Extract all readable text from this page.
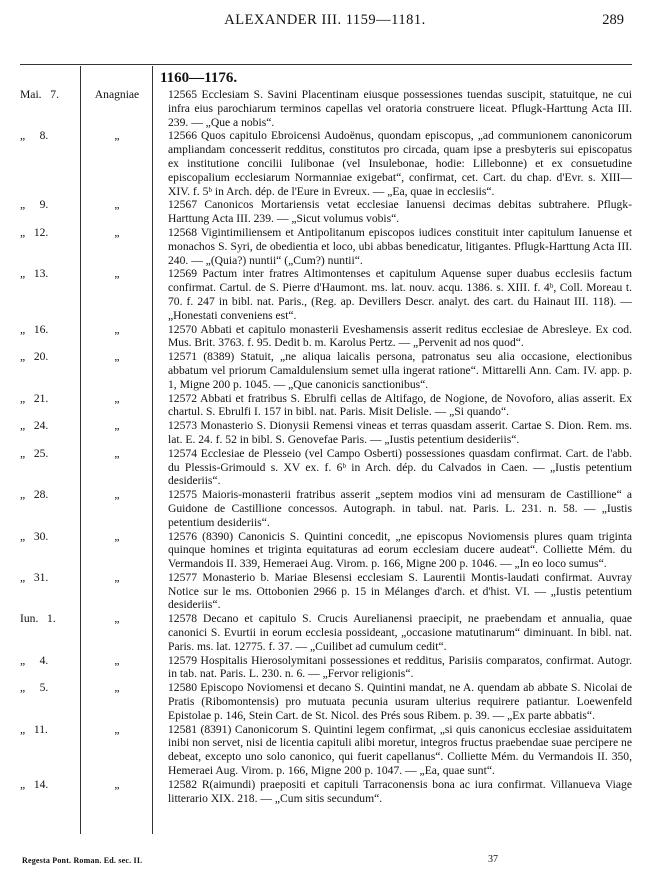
ALEXANDER III. 1159—1181.	289
1160—1176.
Mai.   7.	Anagniae	12565 Ecclesiam S. Savini Placentinam eiusque possessiones tuendas suscipit, statuitque, ne cui infra eius parochiarum terminos capellas vel oratoria construere liceat. Pflugk-Harttung Acta III. 239. — „Que a nobis“.
„     8.	„	12566 Quos capitulo Ebroicensi Audoënus, quondam episcopus, „ad communionem canonicorum ampliandam concesserit redditus, constitutos pro circada, quam ipse a presbyteris sui episcopatus ex institutione concilii Iulibonae (vel Insulebonae, hodie: Lillebonne) et ex consuetudine episcopalium ecclesiarum Normanniae exigebat“, confirmat, cet. Cart. du chap. d'Evr. s. XIII—XIV. f. 5ᵇ in Arch. dép. de l'Eure in Evreux. — „Ea, quae in ecclesiis“.
„     9.	„	12567 Canonicos Mortariensis vetat ecclesiae Ianuensi decimas debitas subtrahere. Pflugk-Harttung Acta III. 239. — „Sicut volumus vobis“.
„   12.	„	12568 Vigintimiliensem et Antipolitanum episcopos iudices constituit inter capitulum Ianuense et monachos S. Syri, de obedientia et loco, ubi abbas benedicatur, litigantes. Pflugk-Harttung Acta III. 240. — „(Quia?) nuntii“ („Cum?) nuntii“.
„   13.	„	12569 Pactum inter fratres Altimontenses et capitulum Aquense super duabus ecclesiis factum confirmat. Cartul. de S. Pierre d'Haumont. ms. lat. nouv. acqu. 1386. s. XIII. f. 4ᵇ, Coll. Moreau t. 70. f. 247 in bibl. nat. Paris., (Reg. ap. Devillers Descr. analyt. des cart. du Hainaut III. 118). — „Honestati conveniens est“.
„   16.	„	12570 Abbati et capitulo monasterii Eveshamensis asserit reditus ecclesiae de Abresleye. Ex cod. Mus. Brit. 3763. f. 95. Dedit b. m. Karolus Pertz. — „Pervenit ad nos quod“.
„   20.	„	12571 (8389) Statuit, „ne aliqua laicalis persona, patronatus seu alia occasione, electionibus abbatum vel priorum Camaldulensium semet ulla ingerat ratione“. Mittarelli Ann. Cam. IV. app. p. 1, Migne 200 p. 1045. — „Que canonicis sanctionibus“.
„   21.	„	12572 Abbati et fratribus S. Ebrulfi cellas de Altifago, de Nogione, de Novoforo, alias asserit. Ex chartul. S. Ebrulfi I. 157 in bibl. nat. Paris. Misit Delisle. — „Si quando“.
„   24.	„	12573 Monasterio S. Dionysii Remensi vineas et terras quasdam asserit. Cartae S. Dion. Rem. ms. lat. E. 24. f. 52 in bibl. S. Genovefae Paris. — „Iustis petentium desideriis“.
„   25.	„	12574 Ecclesiae de Plesseio (vel Campo Osberti) possessiones quasdam confirmat. Cart. de l'abb. du Plessis-Grimould s. XV ex. f. 6ᵇ in Arch. dép. du Calvados in Caen. — „Iustis petentium desideriis“.
„   28.	„	12575 Maioris-monasterii fratribus asserit „septem modios vini ad mensuram de Castillione“ a Guidone de Castillione concessos. Autograph. in tabul. nat. Paris. L. 231. n. 58. — „Iustis petentium desideriis“.
„   30.	„	12576 (8390) Canonicis S. Quintini concedit, „ne episcopus Noviomensis plures quam triginta quinque homines et triginta equitaturas ad eorum ecclesiam ducere audeat“. Colliette Mém. du Vermandois II. 339, Hemeraei Aug. Virom. p. 166, Migne 200 p. 1046. — „In eo loco sumus“.
„   31.	„	12577 Monasterio b. Mariae Blesensi ecclesiam S. Laurentii Montis-laudati confirmat. Auvray Notice sur le ms. Ottobonien 2966 p. 15 in Mélanges d'arch. et d'hist. VI. — „Iustis petentium desideriis“.
Iun.   1.	„	12578 Decano et capitulo S. Crucis Aurelianensi praecipit, ne praebendam et annualia, quae canonici S. Evurtii in eorum ecclesia possideant, „occasione matutinarum“ diminuant. In bibl. nat. Paris. ms. lat. 12775. f. 37. — „Cuilibet ad cumulum cedit“.
„     4.	„	12579 Hospitalis Hierosolymitani possessiones et redditus, Parisiis comparatos, confirmat. Autogr. in tab. nat. Paris. L. 230. n. 6. — „Fervor religionis“.
„     5.	„	12580 Episcopo Noviomensi et decano S. Quintini mandat, ne A. quendam ab abbate S. Nicolai de Pratis (Ribomontensis) pro mutuata pecunia usuram ulterius requirere patiantur. Loewenfeld Epistolae p. 146, Stein Cart. de St. Nicol. des Prés sous Ribem. p. 39. — „Ex parte abbatis“.
„   11.	„	12581 (8391) Canonicorum S. Quintini legem confirmat, „si quis canonicus ecclesiae assiduitatem inibi non servet, nisi de licentia capituli alibi moretur, integros fructus praebendae suae percipere ne debeat, excepto uno solo canonico, qui fuerit capellanus“. Colliette Mém. du Vermandois II. 350, Hemeraei Aug. Virom. p. 166, Migne 200 p. 1047. — „Ea, quae sunt“.
„   14.	„	12582 R(aimundi) praepositi et capituli Tarraconensis bona ac iura confirmat. Villanueva Viage litterario XIX. 218. — „Cum sitis secundum“.
Regesta Pont. Roman. Ed. sec. II.	37
